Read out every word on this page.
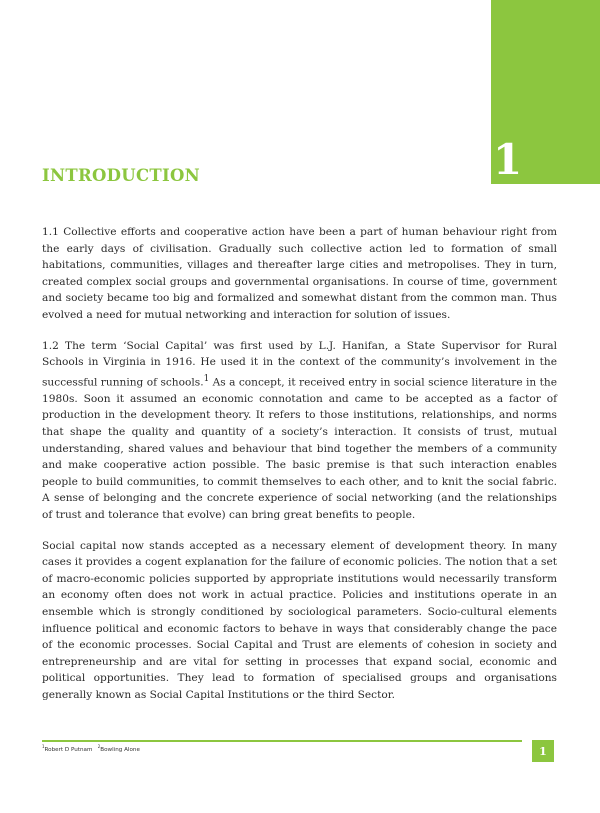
1
INTRODUCTION

1.1 Collective efforts and cooperative action have been a part of human behaviour right from the early days of civilisation. Gradually such collective action led to formation of small habitations, communities, villages and thereafter large cities and metropolises. They in turn, created complex social groups and governmental organisations. In course of time, government and society became too big and formalized and somewhat distant from the common man. Thus evolved a need for mutual networking and interaction for solution of issues.

1.2 The term ‘Social Capital’ was first used by L.J. Hanifan, a State Supervisor for Rural Schools in Virginia in 1916. He used it in the context of the community’s involvement in the successful running of schools.$^1$ As a concept, it received entry in social science literature in the 1980s. Soon it assumed an economic connotation and came to be accepted as a factor of production in the development theory. It refers to those institutions, relationships, and norms that shape the quality and quantity of a society’s interaction. It consists of trust, mutual understanding, shared values and behaviour that bind together the members of a community and make cooperative action possible. The basic premise is that such interaction enables people to build communities, to commit themselves to each other, and to knit the social fabric. A sense of belonging and the concrete experience of social networking (and the relationships of trust and tolerance that evolve) can bring great benefits to people.

Social capital now stands accepted as a necessary element of development theory. In many cases it provides a cogent explanation for the failure of economic policies. The notion that a set of macro-economic policies supported by appropriate institutions would necessarily transform an economy often does not work in actual practice. Policies and institutions operate in an ensemble which is strongly conditioned by sociological parameters. Socio-cultural elements influence political and economic factors to behave in ways that considerably change the pace of the economic processes. Social Capital and Trust are elements of cohesion in society and entrepreneurship and are vital for setting in processes that expand social, economic and political opportunities. They lead to formation of specialised groups and organisations generally known as Social Capital Institutions or the third Sector.

$^1$Robert D Putnam   $^2$Bowling Alone	1
